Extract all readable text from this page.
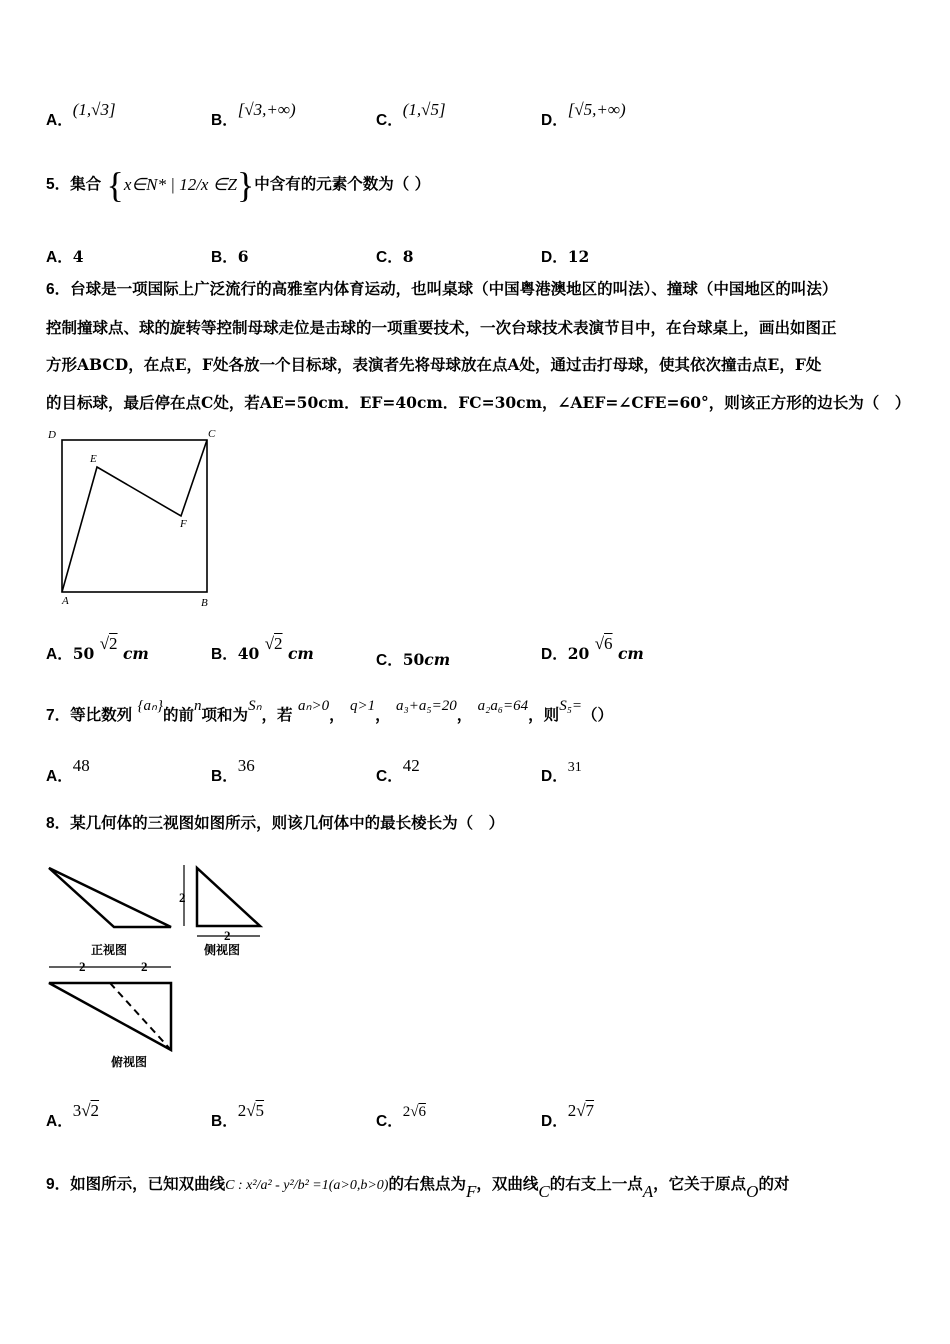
A．(1,√3]
B．[√3,+∞)
C．(1,√5]
D．[√5,+∞)
5．集合 {x∈N* | 12/x ∈Z}中含有的元素个数为（ ）
A．4	B．6	C．8	D．12
6．台球是一项国际上广泛流行的高雅室内体育运动，也叫桌球（中国粤港澳地区的叫法）、撞球（中国地区的叫法）
控制撞球点、球的旋转等控制母球走位是击球的一项重要技术，一次台球技术表演节目中，在台球桌上，画出如图正
方形ABCD，在点E，F处各放一个目标球，表演者先将母球放在点A处，通过击打母球，使其依次撞击点E，F处
的目标球，最后停在点C处，若AE=50cm．EF=40cm．FC=30cm，∠AEF=∠CFE=60°，则该正方形的边长为（　）
D	C
E
F
A	B
A．50 √2 cm	B．40 √2 cm	C．50cm	D．20 √6 cm
7．等比数列 {aₙ}的前n项和为Sₙ，若 aₙ>0， q>1， a₃+a₅=20， a₂a₆=64，则S₅=（）
A．48
B．36
C．42
D．31
8．某几何体的三视图如图所示，则该几何体中的最长棱长为（　）
正视图
2
2
侧视图
2	2
俯视图
A．3√2
B．2√5
C．2√6
D．2√7
9．如图所示，已知双曲线C : x²/a² - y²/b² =1(a>0,b>0)的右焦点为F，双曲线C的右支上一点A，它关于原点O的对
